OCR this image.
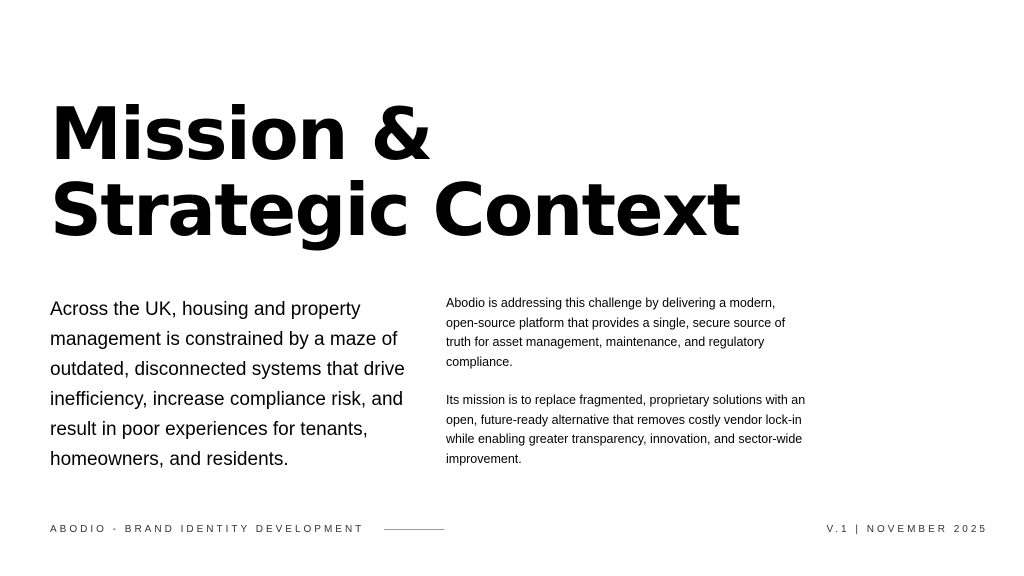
Mission &
Strategic Context

Across the UK, housing and property management is constrained by a maze of outdated, disconnected systems that drive inefficiency, increase compliance risk, and result in poor experiences for tenants, homeowners, and residents.

Abodio is addressing this challenge by delivering a modern, open-source platform that provides a single, secure source of truth for asset management, maintenance, and regulatory compliance.

Its mission is to replace fragmented, proprietary solutions with an open, future-ready alternative that removes costly vendor lock-in while enabling greater transparency, innovation, and sector-wide improvement.

ABODIO - BRAND IDENTITY DEVELOPMENT	V.1 | NOVEMBER 2025
